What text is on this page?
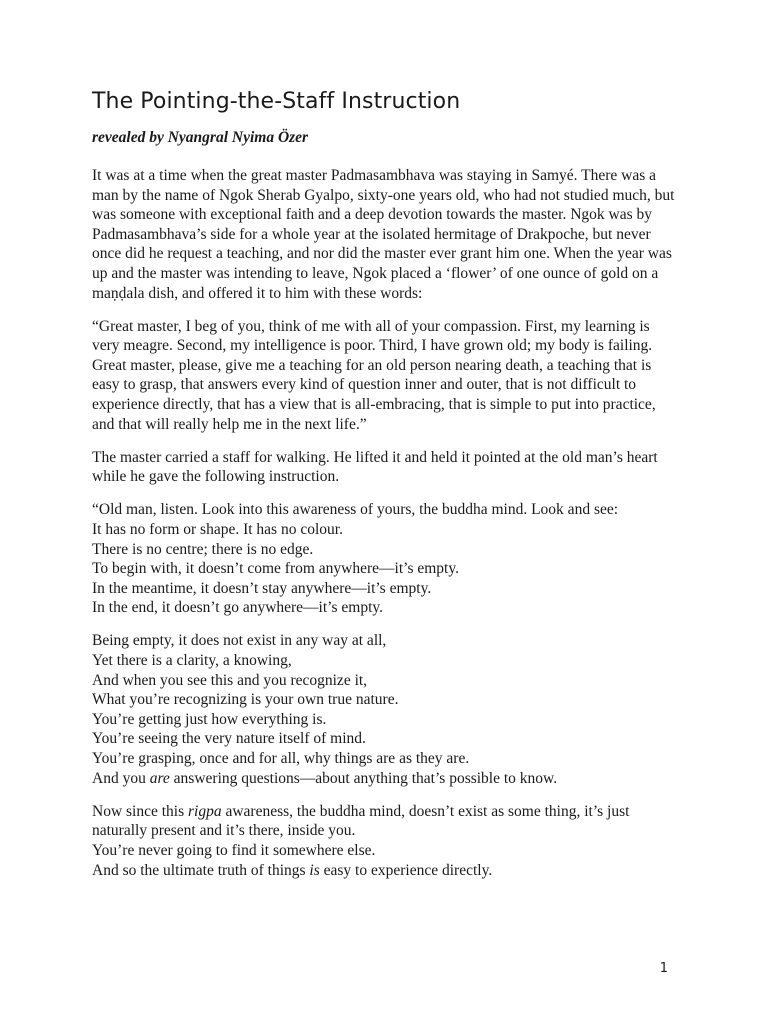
The Pointing-the-Staff Instruction
revealed by Nyangral Nyima Özer

It was at a time when the great master Padmasambhava was staying in Samyé. There was a man by the name of Ngok Sherab Gyalpo, sixty-one years old, who had not studied much, but was someone with exceptional faith and a deep devotion towards the master. Ngok was by Padmasambhava’s side for a whole year at the isolated hermitage of Drakpoche, but never once did he request a teaching, and nor did the master ever grant him one. When the year was up and the master was intending to leave, Ngok placed a ‘flower’ of one ounce of gold on a maṇḍala dish, and offered it to him with these words:

“Great master, I beg of you, think of me with all of your compassion. First, my learning is very meagre. Second, my intelligence is poor. Third, I have grown old; my body is failing. Great master, please, give me a teaching for an old person nearing death, a teaching that is easy to grasp, that answers every kind of question inner and outer, that is not difficult to experience directly, that has a view that is all-embracing, that is simple to put into practice, and that will really help me in the next life.”

The master carried a staff for walking. He lifted it and held it pointed at the old man’s heart while he gave the following instruction.

“Old man, listen. Look into this awareness of yours, the buddha mind. Look and see:
It has no form or shape. It has no colour.
There is no centre; there is no edge.
To begin with, it doesn’t come from anywhere—it’s empty.
In the meantime, it doesn’t stay anywhere—it’s empty.
In the end, it doesn’t go anywhere—it’s empty.

Being empty, it does not exist in any way at all,
Yet there is a clarity, a knowing,
And when you see this and you recognize it,
What you’re recognizing is your own true nature.
You’re getting just how everything is.
You’re seeing the very nature itself of mind.
You’re grasping, once and for all, why things are as they are.
And you are answering questions—about anything that’s possible to know.

Now since this rigpa awareness, the buddha mind, doesn’t exist as some thing, it’s just naturally present and it’s there, inside you.
You’re never going to find it somewhere else.
And so the ultimate truth of things is easy to experience directly.

1
